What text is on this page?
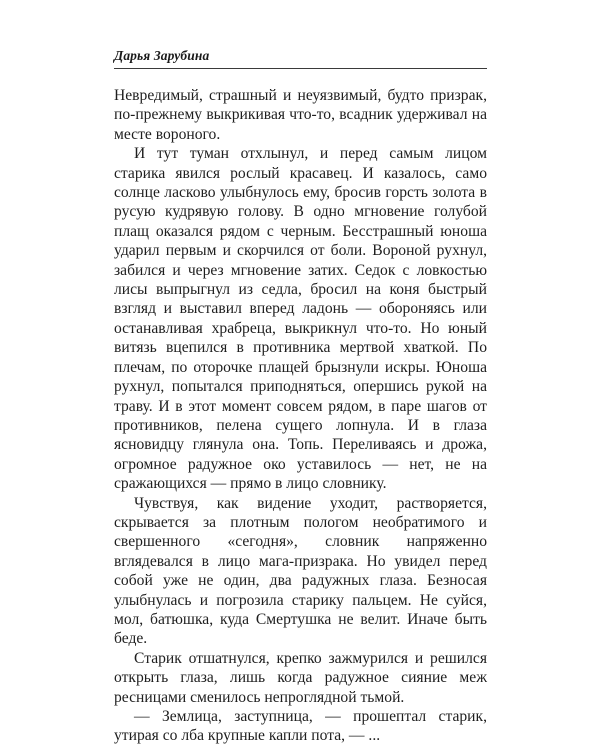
Дарья Зарубина

Невредимый, страшный и неуязвимый, будто призрак, по-прежнему выкрикивая что-то, всадник удерживал на месте вороного.

И тут туман отхлынул, и перед самым лицом старика явился рослый красавец. И казалось, само солнце ласково улыбнулось ему, бросив горсть золота в русую кудрявую голову. В одно мгновение голубой плащ оказался рядом с черным. Бесстрашный юноша ударил первым и скорчился от боли. Вороной рухнул, забился и через мгновение затих. Седок с ловкостью лисы выпрыгнул из седла, бросил на коня быстрый взгляд и выставил вперед ладонь — обороняясь или останавливая храбреца, выкрикнул что-то. Но юный витязь вцепился в противника мертвой хваткой. По плечам, по оторочке плащей брызнули искры. Юноша рухнул, попытался приподняться, опершись рукой на траву. И в этот момент совсем рядом, в паре шагов от противников, пелена сущего лопнула. И в глаза ясновидцу глянула она. Топь. Переливаясь и дрожа, огромное радужное око уставилось — нет, не на сражающихся — прямо в лицо словнику.

Чувствуя, как видение уходит, растворяется, скрывается за плотным пологом необратимого и свершенного «сегодня», словник напряженно вглядевался в лицо мага-призрака. Но увидел перед собой уже не один, два радужных глаза. Безносая улыбнулась и погрозила старику пальцем. Не суйся, мол, батюшка, куда Смертушка не велит. Иначе быть беде.

Старик отшатнулся, крепко зажмурился и решился открыть глаза, лишь когда радужное сияние меж ресницами сменилось непроглядной тьмой.

— Землица, заступница, — прошептал старик, утирая со лба крупные капли пота, — ...
